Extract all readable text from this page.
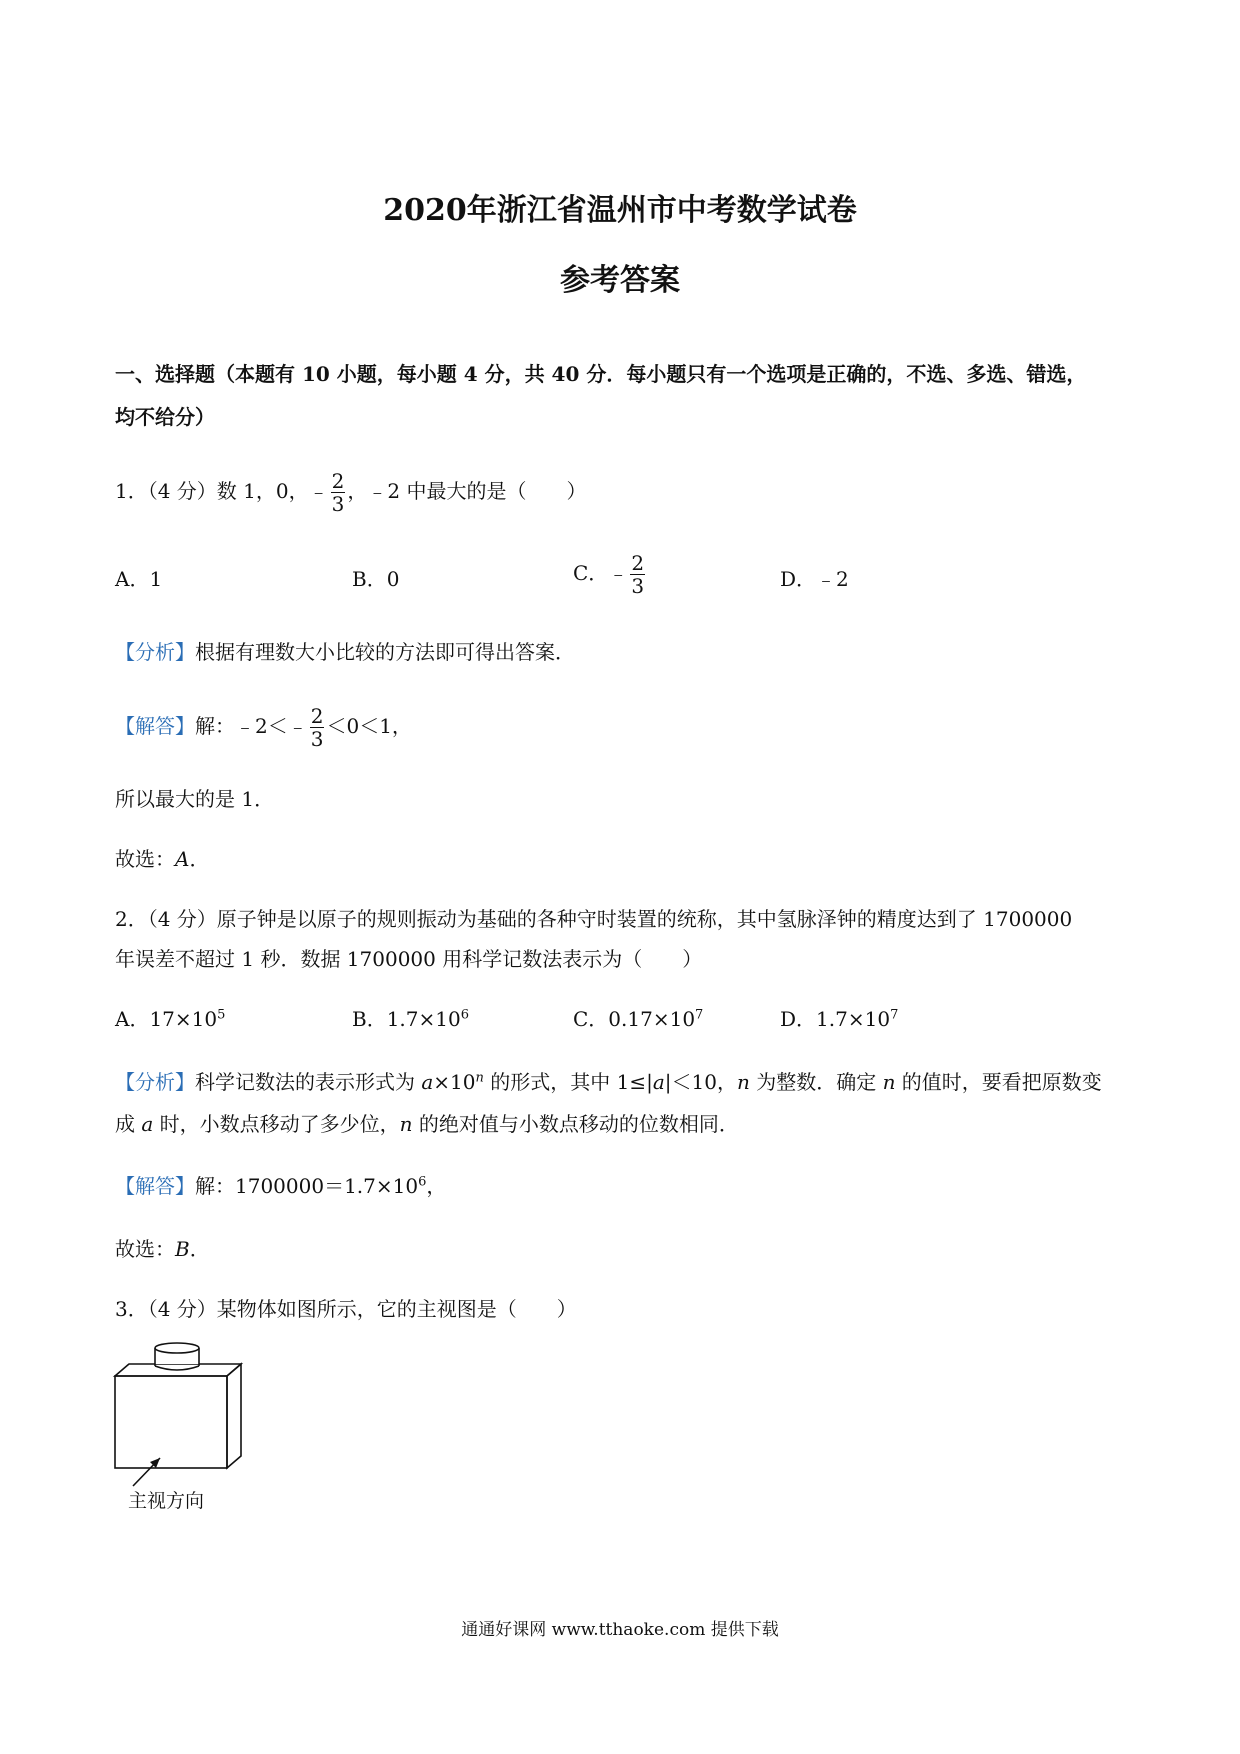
2020年浙江省温州市中考数学试卷
参考答案
一、选择题（本题有 10 小题，每小题 4 分，共 40 分．每小题只有一个选项是正确的，不选、多选、错选，
均不给分）
1．（4 分）数 1，0，﹣ $\frac{2}{3}$ ，﹣2 中最大的是（　　）
A．1	B．0	C．﹣ $\frac{2}{3}$	D．﹣2
【分析】根据有理数大小比较的方法即可得出答案．
【解答】解：﹣2＜﹣ $\frac{2}{3} <0<1$，
所以最大的是 1．
故选：A．
2．（4 分）原子钟是以原子的规则振动为基础的各种守时装置的统称，其中氢脉泽钟的精度达到了 1700000
年误差不超过 1 秒．数据 1700000 用科学记数法表示为（　　）
A．$17\times 10^5$	B．$1.7\times 10^6$	C．$0.17\times 10^7$	D．$1.7\times 10^7$
【分析】科学记数法的表示形式为 $a\times 10^n$ 的形式，其中 1≤|a|＜10，n 为整数．确定 n 的值时，要看把原数变
成 a 时，小数点移动了多少位，n 的绝对值与小数点移动的位数相同．
【解答】解：$1700000=1.7\times 10^6$，
故选：B．
3．（4 分）某物体如图所示，它的主视图是（　　）
主视方向
通通好课网 www.tthaoke.com 提供下载
